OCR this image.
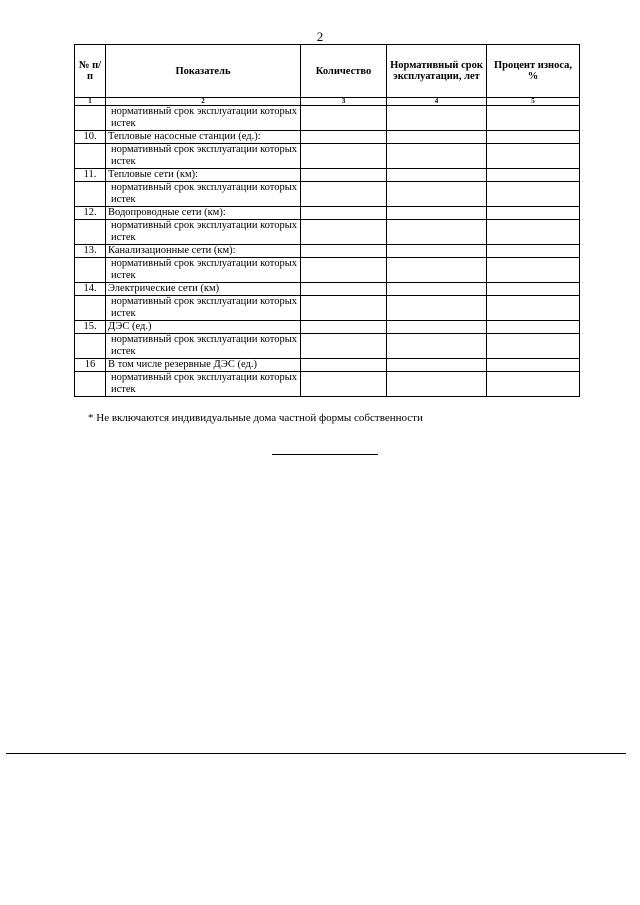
2
№ п/п	Показатель	Количество	Нормативный срок эксплуатации, лет	Процент износа, %
1	2	3	4	5
	нормативный срок эксплуатации которых истек			
10.	Тепловые насосные станции (ед.):			
	нормативный срок эксплуатации которых истек			
11.	Тепловые сети (км):			
	нормативный срок эксплуатации которых истек			
12.	Водопроводные сети (км):			
	нормативный срок эксплуатации которых истек			
13.	Канализационные сети (км):			
	нормативный срок эксплуатации которых истек			
14.	Электрические сети (км)			
	нормативный срок эксплуатации которых истек			
15.	ДЭС (ед.)			
	нормативный срок эксплуатации которых истек			
16	В том числе резервные ДЭС (ед.)			
	нормативный срок эксплуатации которых истек			
* Не включаются индивидуальные дома частной формы собственности
